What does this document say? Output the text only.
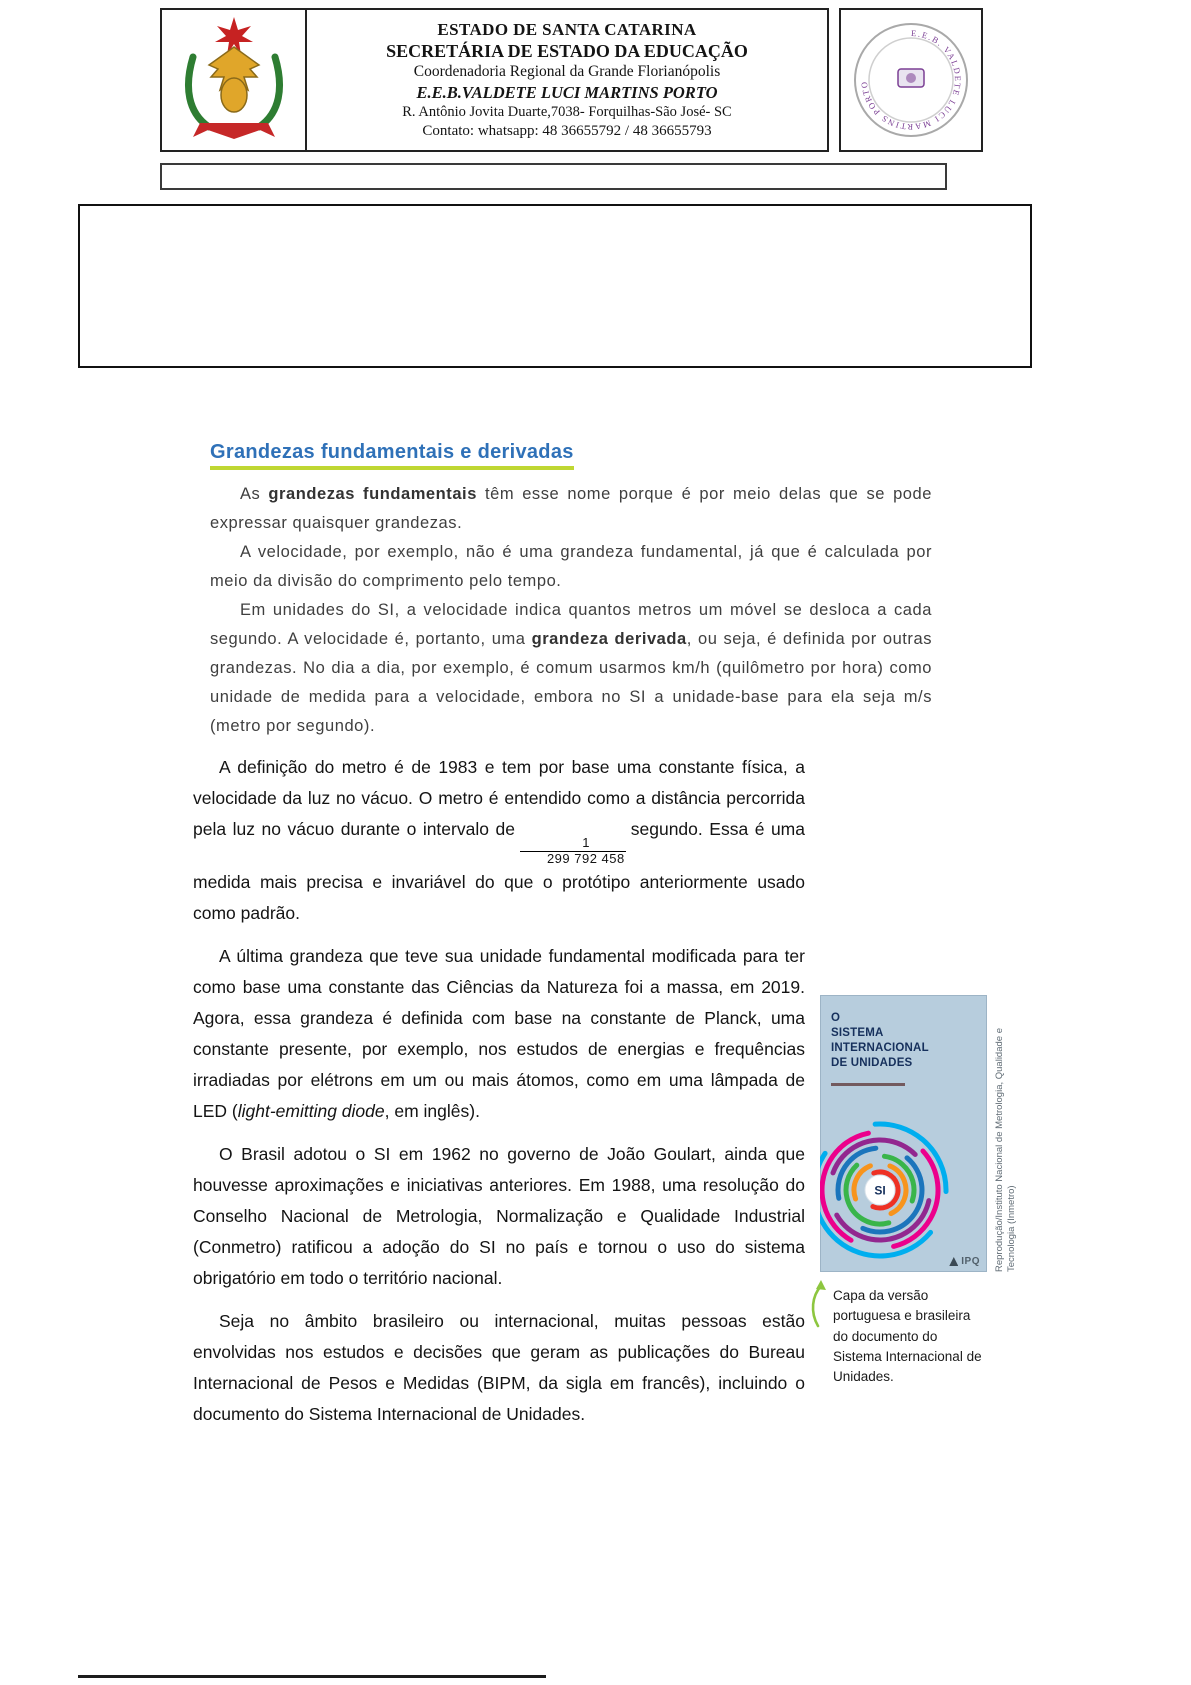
ESTADO DE SANTA CATARINA
SECRETÁRIA DE ESTADO DA EDUCAÇÃO
Coordenadoria Regional da Grande Florianópolis
E.E.B.VALDETE LUCI MARTINS PORTO
R. Antônio Jovita Duarte,7038- Forquilhas-São José- SC
Contato: whatsapp: 48 36655792 / 48 36655793
E.E.B. VALDETE LUCI MARTINS PORTO
Grandezas fundamentais e derivadas

As grandezas fundamentais têm esse nome porque é por meio delas que se pode expressar quaisquer grandezas.

A velocidade, por exemplo, não é uma grandeza fundamental, já que é calculada por meio da divisão do comprimento pelo tempo.

Em unidades do SI, a velocidade indica quantos metros um móvel se desloca a cada segundo. A velocidade é, portanto, uma grandeza derivada, ou seja, é definida por outras grandezas. No dia a dia, por exemplo, é comum usarmos km/h (quilômetro por hora) como unidade de medida para a velocidade, embora no SI a unidade-base para ela seja m/s (metro por segundo).

A definição do metro é de 1983 e tem por base uma constante física, a velocidade da luz no vácuo. O metro é entendido como a distância percorrida pela luz no vácuo durante o intervalo de
$\frac{1}{299 792 458}$
segundo. Essa é uma medida mais precisa e invariável do que o protótipo anteriormente usado como padrão.

A última grandeza que teve sua unidade fundamental modificada para ter como base uma constante das Ciências da Natureza foi a massa, em 2019. Agora, essa grandeza é definida com base na constante de Planck, uma constante presente, por exemplo, nos estudos de energias e frequências irradiadas por elétrons em um ou mais átomos, como em uma lâmpada de LED (light-emitting diode, em inglês).

O Brasil adotou o SI em 1962 no governo de João Goulart, ainda que houvesse aproximações e iniciativas anteriores. Em 1988, uma resolução do Conselho Nacional de Metrologia, Normalização e Qualidade Industrial (Conmetro) ratificou a adoção do SI no país e tornou o uso do sistema obrigatório em todo o território nacional.

Seja no âmbito brasileiro ou internacional, muitas pessoas estão envolvidas nos estudos e decisões que geram as publicações do Bureau Internacional de Pesos e Medidas (BIPM, da sigla em francês), incluindo o documento do Sistema Internacional de Unidades.

O
SISTEMA
INTERNACIONAL
DE UNIDADES
SI
IPQ Reprodução/Instituto Nacional de Metrologia, Qualidade e Tecnologia (Inmetro)
Capa da versão portuguesa e brasileira do documento do Sistema Internacional de Unidades.
